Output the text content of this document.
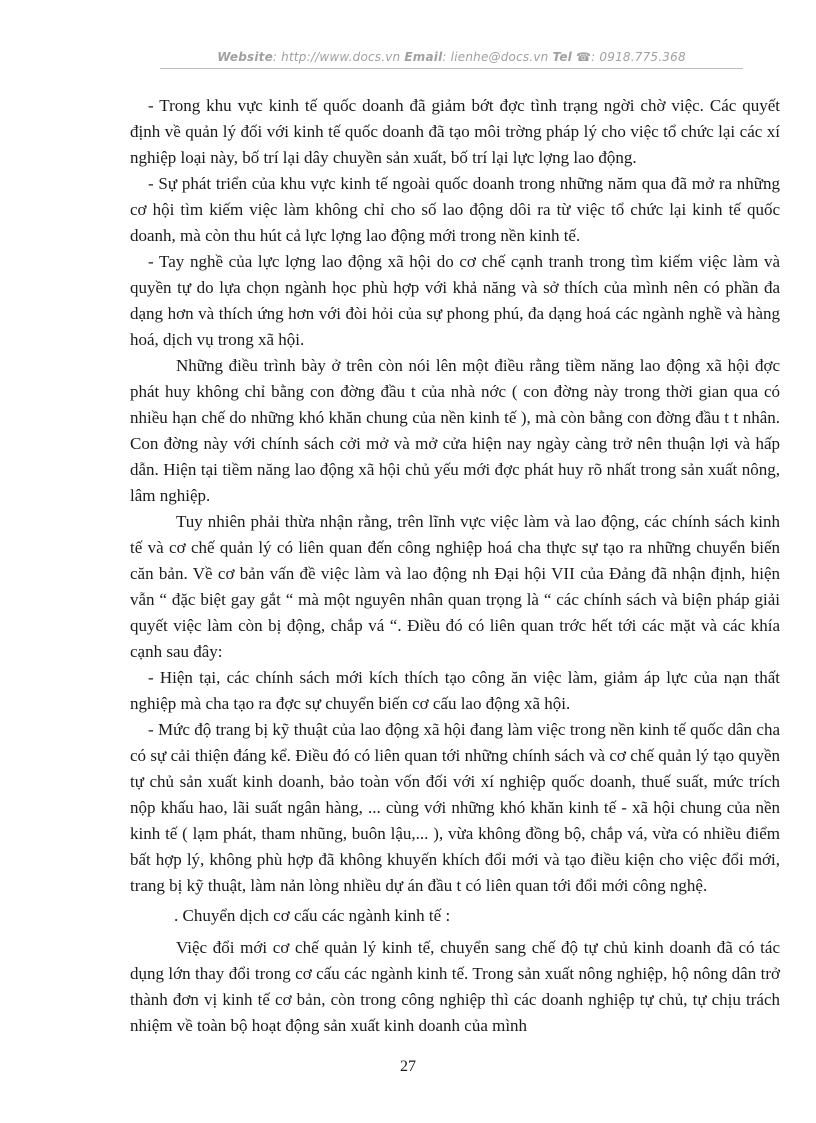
Website: http://www.docs.vn Email: lienhe@docs.vn Tel ☎: 0918.775.368

- Trong khu vực kinh tế quốc doanh đã giảm bớt đợc tình trạng ngời chờ việc. Các quyết định về quản lý đối với kinh tế quốc doanh đã tạo môi trờng pháp lý cho việc tổ chức lại các xí nghiệp loại này, bố trí lại dây chuyền sản xuất, bố trí lại lực lợng lao động.

- Sự phát triển của khu vực kinh tế ngoài quốc doanh trong những năm qua đã mở ra những cơ hội tìm kiếm việc làm không chỉ cho số lao động dôi ra từ việc tổ chức lại kinh tế quốc doanh, mà còn thu hút cả lực lợng lao động mới trong nền kinh tế.

- Tay nghề của lực lợng lao động xã hội do cơ chế cạnh tranh trong tìm kiếm việc làm và quyền tự do lựa chọn ngành học phù hợp với khả năng và sở thích của mình nên có phần đa dạng hơn và thích ứng hơn với đòi hỏi của sự phong phú, đa dạng hoá các ngành nghề và hàng hoá, dịch vụ trong xã hội.

Những điều trình bày ở trên còn nói lên một điều rằng tiềm năng lao động xã hội đợc phát huy không chỉ bằng con đờng đầu t của nhà nớc ( con đờng này trong thời gian qua có nhiều hạn chế do những khó khăn chung của nền kinh tế ), mà còn bằng con đờng đầu t t nhân. Con đờng này với chính sách cởi mở và mở cửa hiện nay ngày càng trở nên thuận lợi và hấp dẫn. Hiện tại tiềm năng lao động xã hội chủ yếu mới đợc phát huy rõ nhất trong sản xuất nông, lâm nghiệp.

Tuy nhiên phải thừa nhận rằng, trên lĩnh vực việc làm và lao động, các chính sách kinh tế và cơ chế quản lý có liên quan đến công nghiệp hoá cha thực sự tạo ra những chuyển biến căn bản. Về cơ bản vấn đề việc làm và lao động nh Đại hội VII của Đảng đã nhận định, hiện vẫn “ đặc biệt gay gắt “ mà một nguyên nhân quan trọng là “ các chính sách và biện pháp giải quyết việc làm còn bị động, chắp vá “. Điều đó có liên quan trớc hết tới các mặt và các khía cạnh sau đây:

- Hiện tại, các chính sách mới kích thích tạo công ăn việc làm, giảm áp lực của nạn thất nghiệp mà cha tạo ra đợc sự chuyển biến cơ cấu lao động xã hội.

- Mức độ trang bị kỹ thuật của lao động xã hội đang làm việc trong nền kinh tế quốc dân cha có sự cải thiện đáng kể. Điều đó có liên quan tới những chính sách và cơ chế quản lý tạo quyền tự chủ sản xuất kinh doanh, bảo toàn vốn đối với xí nghiệp quốc doanh, thuế suất, mức trích nộp khấu hao, lãi suất ngân hàng, ... cùng với những khó khăn kinh tế - xã hội chung của nền kinh tế ( lạm phát, tham nhũng, buôn lậu,... ), vừa không đồng bộ, chắp vá, vừa có nhiều điểm bất hợp lý, không phù hợp đã không khuyến khích đổi mới và tạo điều kiện cho việc đổi mới, trang bị kỹ thuật, làm nản lòng nhiều dự án đầu t có liên quan tới đổi mới công nghệ.

. Chuyển dịch cơ cấu các ngành kinh tế :

Việc đổi mới cơ chế quản lý kinh tế, chuyển sang chế độ tự chủ kinh doanh đã có tác dụng lớn thay đổi trong cơ cấu các ngành kinh tế. Trong sản xuất nông nghiệp, hộ nông dân trở thành đơn vị kinh tế cơ bản, còn trong công nghiệp thì các doanh nghiệp tự chủ, tự chịu trách nhiệm về toàn bộ hoạt động sản xuất kinh doanh của mình

27
